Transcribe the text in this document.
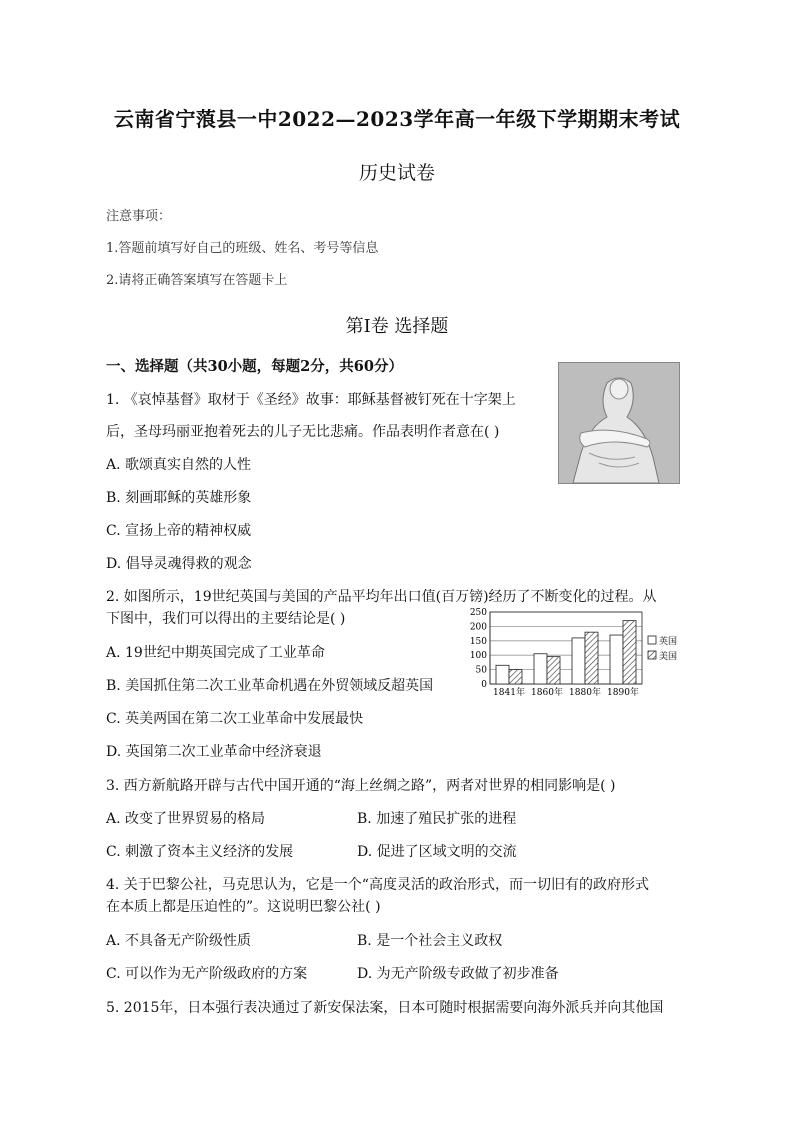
云南省宁蒗县一中2022—2023学年高一年级下学期期末考试
历史试卷
注意事项：
1.答题前填写好自己的班级、姓名、考号等信息
2.请将正确答案填写在答题卡上
第Ⅰ卷 选择题
一、选择题（共30小题，每题2分，共60分）
1. 《哀悼基督》取材于《圣经》故事：耶稣基督被钉死在十字架上
后，圣母玛丽亚抱着死去的儿子无比悲痛。作品表明作者意在( )
A. 歌颂真实自然的人性
B. 刻画耶稣的英雄形象
C. 宣扬上帝的精神权威
D. 倡导灵魂得救的观念
2. 如图所示，19世纪英国与美国的产品平均年出口值(百万镑)经历了不断变化的过程。从
下图中，我们可以得出的主要结论是( )
A. 19世纪中期英国完成了工业革命
B. 美国抓住第二次工业革命机遇在外贸领域反超英国
C. 英美两国在第二次工业革命中发展最快
D. 英国第二次工业革命中经济衰退
0
50
100
150
200
250
1841年 1860年 1880年 1890年
英国
美国
3. 西方新航路开辟与古代中国开通的“海上丝绸之路”，两者对世界的相同影响是( )
A. 改变了世界贸易的格局	B. 加速了殖民扩张的进程
C. 刺激了资本主义经济的发展	D. 促进了区域文明的交流
4. 关于巴黎公社，马克思认为，它是一个“高度灵活的政治形式，而一切旧有的政府形式
在本质上都是压迫性的”。这说明巴黎公社( )
A. 不具备无产阶级性质	B. 是一个社会主义政权
C. 可以作为无产阶级政府的方案	D. 为无产阶级专政做了初步准备
5. 2015年，日本强行表决通过了新安保法案，日本可随时根据需要向海外派兵并向其他国
